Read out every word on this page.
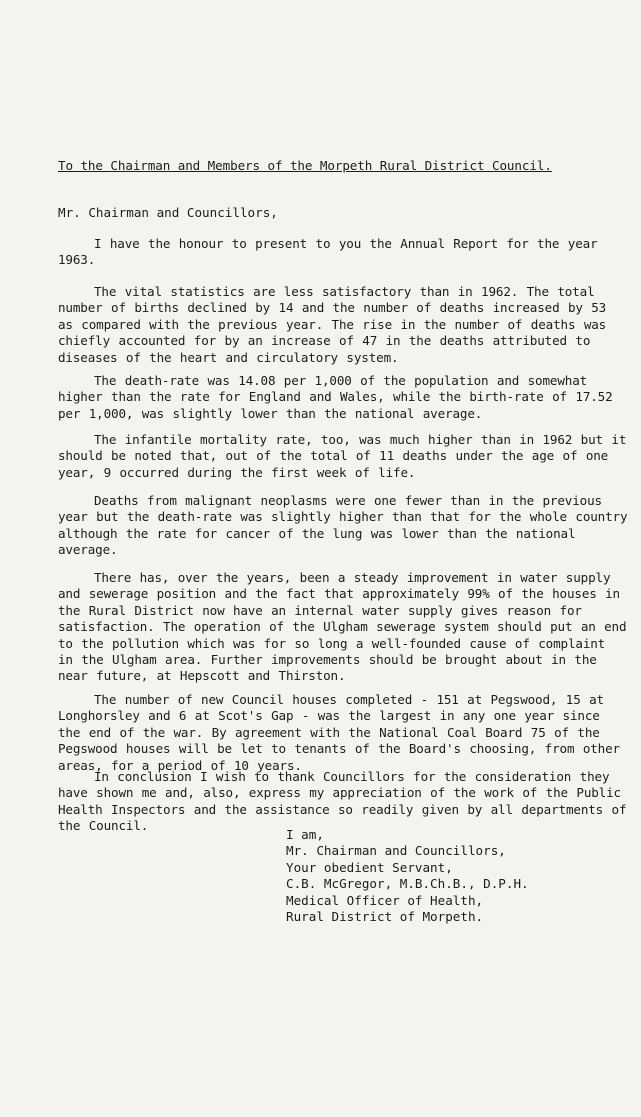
To the Chairman and Members of the Morpeth Rural District Council.
Mr. Chairman and Councillors,

I have the honour to present to you the Annual Report for the year 1963.

The vital statistics are less satisfactory than in 1962. The total number of births declined by 14 and the number of deaths increased by 53 as compared with the previous year. The rise in the number of deaths was chiefly accounted for by an increase of 47 in the deaths attributed to diseases of the heart and circulatory system.

The death-rate was 14.08 per 1,000 of the population and somewhat higher than the rate for England and Wales, while the birth-rate of 17.52 per 1,000, was slightly lower than the national average.

The infantile mortality rate, too, was much higher than in 1962 but it should be noted that, out of the total of 11 deaths under the age of one year, 9 occurred during the first week of life.

Deaths from malignant neoplasms were one fewer than in the previous year but the death-rate was slightly higher than that for the whole country although the rate for cancer of the lung was lower than the national average.

There has, over the years, been a steady improvement in water supply and sewerage position and the fact that approximately 99% of the houses in the Rural District now have an internal water supply gives reason for satisfaction. The operation of the Ulgham sewerage system should put an end to the pollution which was for so long a well-founded cause of complaint in the Ulgham area. Further improvements should be brought about in the near future, at Hepscott and Thirston.

The number of new Council houses completed - 151 at Pegswood, 15 at Longhorsley and 6 at Scot's Gap - was the largest in any one year since the end of the war. By agreement with the National Coal Board 75 of the Pegswood houses will be let to tenants of the Board's choosing, from other areas, for a period of 10 years.

In conclusion I wish to thank Councillors for the consideration they have shown me and, also, express my appreciation of the work of the Public Health Inspectors and the assistance so readily given by all departments of the Council.

I am,
Mr. Chairman and Councillors,
Your obedient Servant,
C.B. McGregor, M.B.Ch.B., D.P.H.
Medical Officer of Health,
Rural District of Morpeth.
